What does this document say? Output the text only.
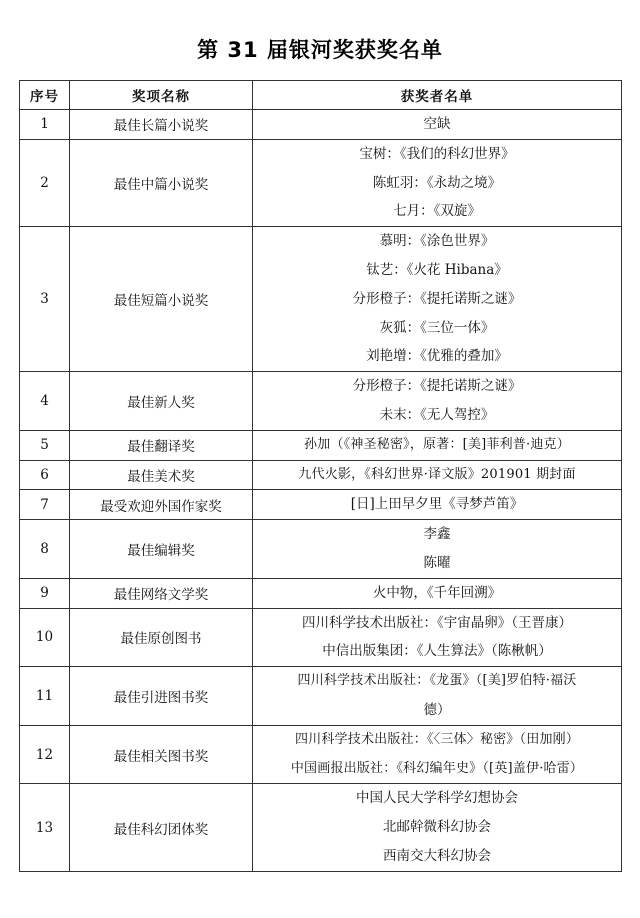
第 31 届银河奖获奖名单
序号	奖项名称	获奖者名单
1	最佳长篇小说奖	空缺

2	最佳中篇小说奖	宝树：《我们的科幻世界》
陈虹羽：《永劫之境》
七月：《双旋》

3	最佳短篇小说奖	慕明：《涂色世界》
钛艺：《火花 Hibana》
分形橙子：《提托诺斯之谜》
灰狐：《三位一体》
刘艳增：《优雅的叠加》

4	最佳新人奖	分形橙子：《提托诺斯之谜》
未末：《无人驾控》

5	最佳翻译奖	孙加（《神圣秘密》，原著：[美]菲利普·迪克）

6	最佳美术奖	九代火影，《科幻世界·译文版》201901 期封面

7	最受欢迎外国作家奖	[日]上田早夕里《寻梦芦笛》

8	最佳编辑奖	李鑫
陈曜

9	最佳网络文学奖	火中物，《千年回溯》

10	最佳原创图书	四川科学技术出版社：《宇宙晶卵》（王晋康）
中信出版集团：《人生算法》（陈楸帆）

11	最佳引进图书奖	四川科学技术出版社：《龙蛋》（[美]罗伯特·福沃
德）

12	最佳相关图书奖	四川科学技术出版社：《〈三体〉秘密》（田加刚）
中国画报出版社：《科幻编年史》（[英]盖伊·哈雷）

13	最佳科幻团体奖	中国人民大学科学幻想协会
北邮幹微科幻协会
西南交大科幻协会
